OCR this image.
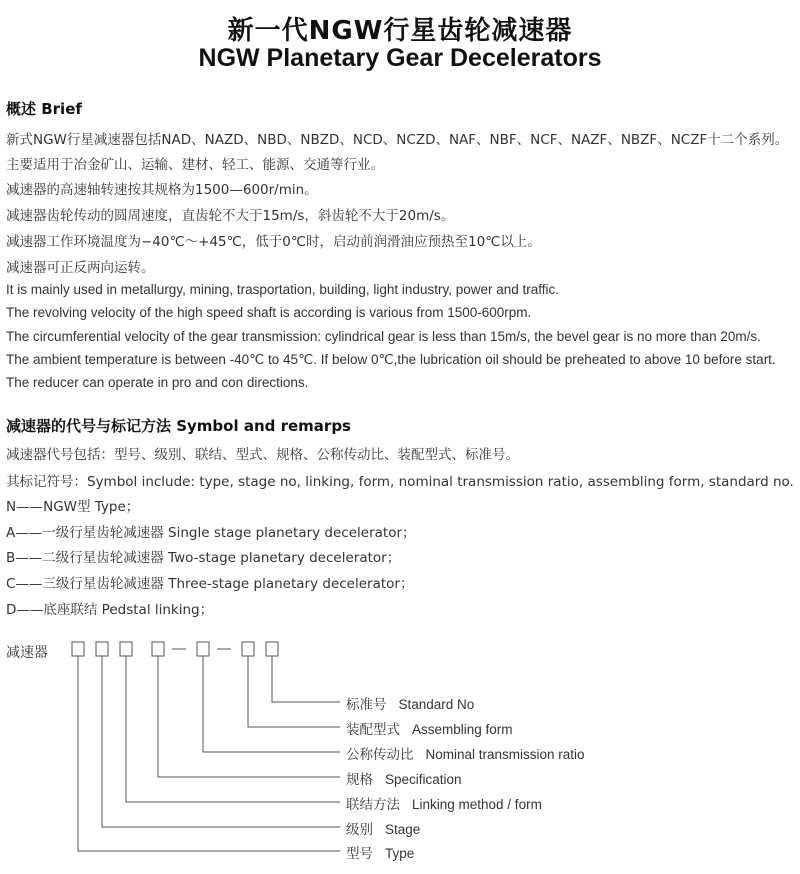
新一代NGW行星齿轮减速器
NGW Planetary Gear Decelerators
概述 Brief
新式NGW行星减速器包括NAD、NAZD、NBD、NBZD、NCD、NCZD、NAF、NBF、NCF、NAZF、NBZF、NCZF十二个系列。
主要适用于冶金矿山、运输、建材、轻工、能源、交通等行业。
减速器的高速轴转速按其规格为1500—600r/min。
减速器齿轮传动的圆周速度，直齿轮不大于15m/s，斜齿轮不大于20m/s。
减速器工作环境温度为−40℃～+45℃，低于0℃时，启动前润滑油应预热至10℃以上。
减速器可正反两向运转。
It is mainly used in metallurgy, mining, trasportation, building, light industry, power and traffic.
The revolving velocity of the high speed shaft is according is various from 1500-600rpm.
The circumferential velocity of the gear transmission: cylindrical gear is less than 15m/s, the bevel gear is no more than 20m/s.
The ambient temperature is between -40℃ to 45℃. If below 0℃,the lubrication oil should be preheated to above 10 before start.
The reducer can operate in pro and con directions.
减速器的代号与标记方法 Symbol and remarps
减速器代号包括：型号、级别、联结、型式、规格、公称传动比、装配型式、标准号。
其标记符号：Symbol include: type, stage no, linking, form, nominal transmission ratio, assembling form, standard no.
N——NGW型 Type；
A——一级行星齿轮减速器 Single stage planetary decelerator；
B——二级行星齿轮减速器 Two-stage planetary decelerator；
C——三级行星齿轮减速器 Three-stage planetary decelerator；
D——底座联结 Pedstal linking；
减速器
标准号 Standard No
装配型式 Assembling form
公称传动比 Nominal transmission ratio
规格 Specification
联结方法 Linking method / form
级别 Stage
型号 Type
